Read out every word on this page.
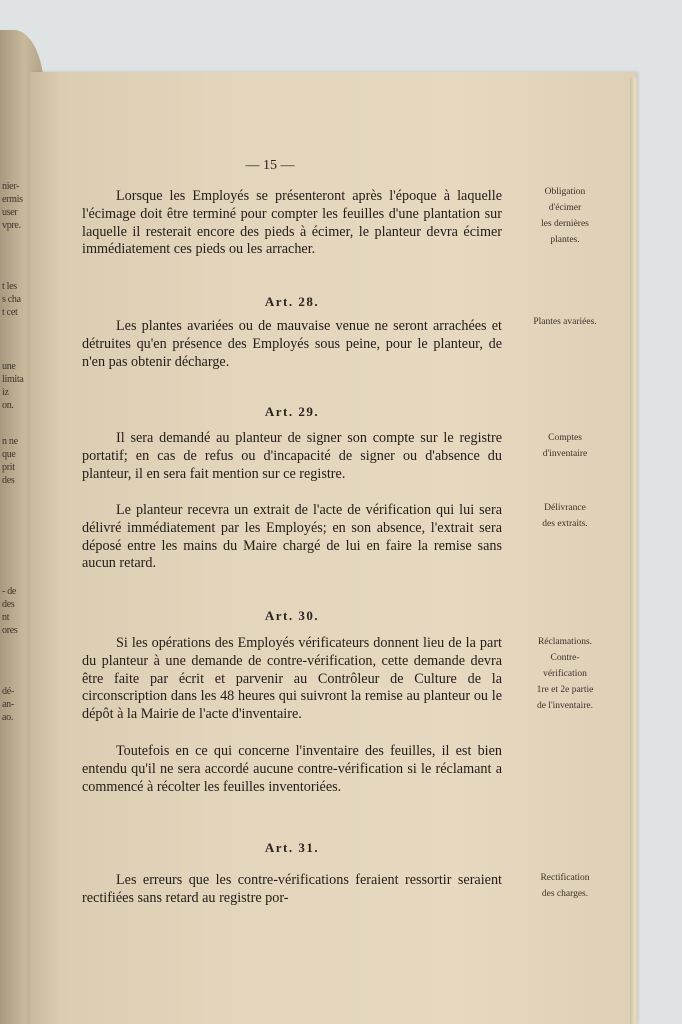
nier-
ermis
user
vpre.
t les
s cha
t cet
une
limita
iz
on.
n ne
que
prit
des
- de
des
nt
ores
dé-
an-
ao.
— 15 —
Lorsque les Employés se présenteront après l'époque à laquelle l'écimage doit être terminé pour compter les feuilles d'une plantation sur laquelle il resterait encore des pieds à écimer, le planteur devra écimer immédiatement ces pieds ou les arracher.
Obligation
d'écimer
les dernières
plantes.
Art. 28.
Les plantes avariées ou de mauvaise venue ne seront arrachées et détruites qu'en présence des Employés sous peine, pour le planteur, de n'en pas obtenir décharge.
Plantes avariées.
Art. 29.
Il sera demandé au planteur de signer son compte sur le registre portatif; en cas de refus ou d'incapacité de signer ou d'absence du planteur, il en sera fait mention sur ce registre.
Comptes
d'inventaire
Le planteur recevra un extrait de l'acte de vérification qui lui sera délivré immédiatement par les Employés; en son absence, l'extrait sera déposé entre les mains du Maire chargé de lui en faire la remise sans aucun retard.
Délivrance
des extraits.
Art. 30.
Si les opérations des Employés vérificateurs donnent lieu de la part du planteur à une demande de contre-vérification, cette demande devra être faite par écrit et parvenir au Contrôleur de Culture de la circonscription dans les 48 heures qui suivront la remise au planteur ou le dépôt à la Mairie de l'acte d'inventaire.
Réclamations.
Contre-
vérification
1re et 2e partie
de l'inventaire.
Toutefois en ce qui concerne l'inventaire des feuilles, il est bien entendu qu'il ne sera accordé aucune contre-vérification si le réclamant a commencé à récolter les feuilles inventoriées.
Art. 31.
Les erreurs que les contre-vérifications feraient ressortir seraient rectifiées sans retard au registre por-
Rectification
des charges.
